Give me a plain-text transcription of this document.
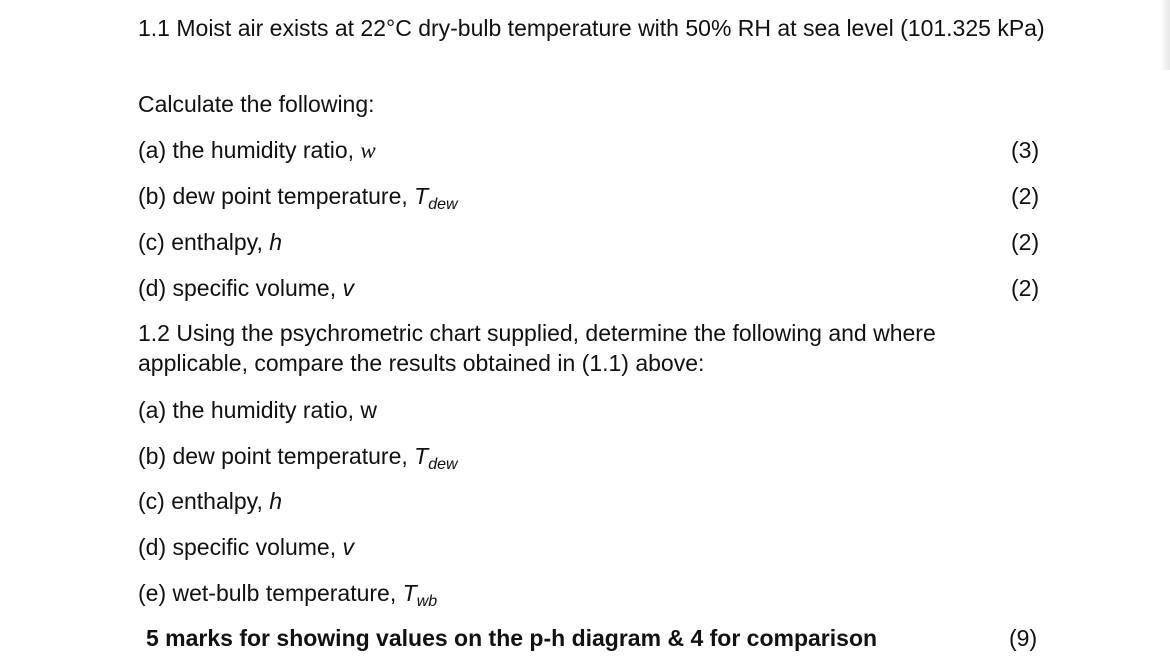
1.1 Moist air exists at 22°C dry-bulb temperature with 50% RH at sea level (101.325 kPa)
Calculate the following:
(a) the humidity ratio, w	(3)
(b) dew point temperature, $T_{dew}$	(2)
(c) enthalpy, h	(2)
(d) specific volume, v	(2)
1.2 Using the psychrometric chart supplied, determine the following and where applicable, compare the results obtained in (1.1) above:
(a) the humidity ratio, w
(b) dew point temperature, $T_{dew}$
(c) enthalpy, h
(d) specific volume, v
(e) wet-bulb temperature, $T_{wb}$
5 marks for showing values on the p-h diagram & 4 for comparison	(9)
